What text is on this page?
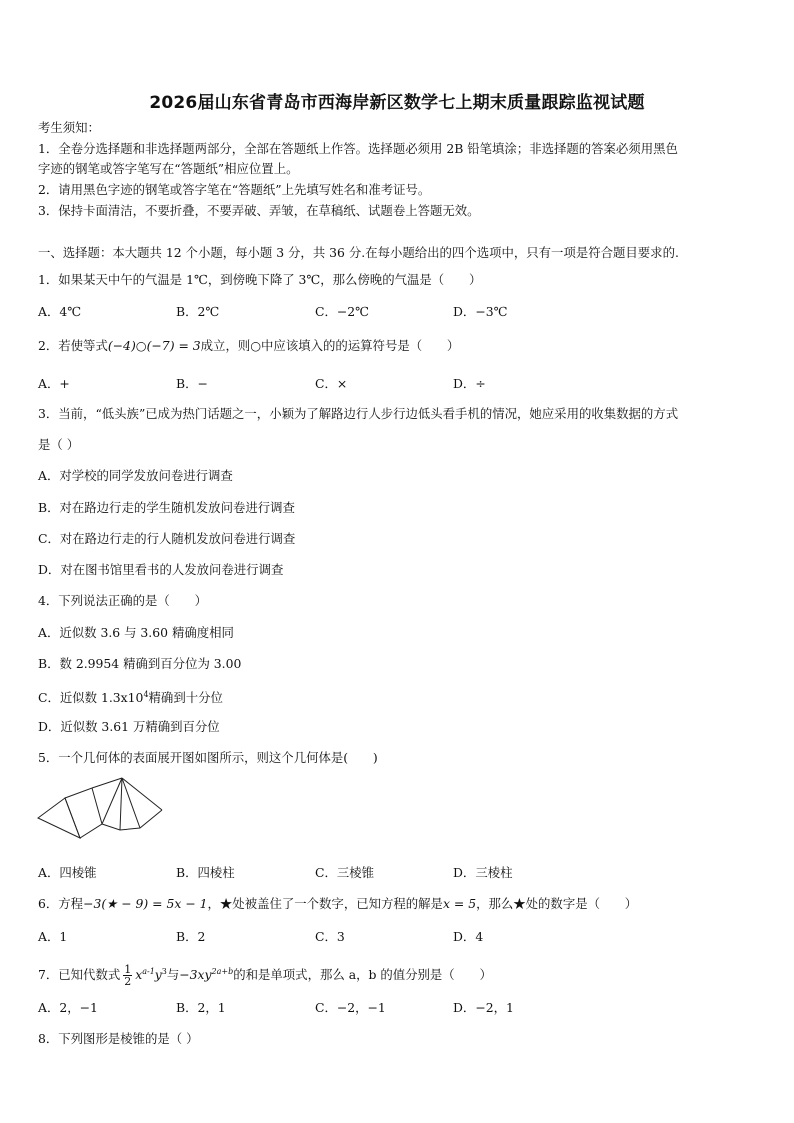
2026届山东省青岛市西海岸新区数学七上期末质量跟踪监视试题
考生须知：
1．全卷分选择题和非选择题两部分，全部在答题纸上作答。选择题必须用 2B 铅笔填涂；非选择题的答案必须用黑色
字迹的钢笔或答字笔写在“答题纸”相应位置上。
2．请用黑色字迹的钢笔或答字笔在“答题纸”上先填写姓名和准考证号。
3．保持卡面清洁，不要折叠，不要弄破、弄皱，在草稿纸、试题卷上答题无效。
一、选择题：本大题共 12 个小题，每小题 3 分，共 36 分.在每小题给出的四个选项中，只有一项是符合题目要求的.
1．如果某天中午的气温是 1℃，到傍晚下降了 3℃，那么傍晚的气温是（　　）
A．4℃	B．2℃	C．−2℃	D．−3℃
2．若使等式(−4)○(−7) = 3成立，则○中应该填入的的运算符号是（　　）
A．+	B．−	C．×	D．÷
3．当前，“低头族”已成为热门话题之一，小颖为了解路边行人步行边低头看手机的情况，她应采用的收集数据的方式
是（ ）
A．对学校的同学发放问卷进行调查
B．对在路边行走的学生随机发放问卷进行调查
C．对在路边行走的行人随机发放问卷进行调查
D．对在图书馆里看书的人发放问卷进行调查
4．下列说法正确的是（　　）
A．近似数 3.6 与 3.60 精确度相同
B．数 2.9954 精确到百分位为 3.00
C．近似数 $1.3x10^4$精确到十分位
D．近似数 3.61 万精确到百分位
5．一个几何体的表面展开图如图所示，则这个几何体是(　　)
A．四棱锥	B．四棱柱	C．三棱锥	D．三棱柱
6．方程−3(★ − 9) = 5x − 1，★处被盖住了一个数字，已知方程的解是x = 5，那么★处的数字是（　　）
A．1	B．2	C．3	D．4
7．已知代数式 $\frac{1}{2} x^{a-1}y^3$与$-3xy^{2a+b}$的和是单项式，那么 a，b 的值分别是（　　）
A．2，−1	B．2，1	C．−2，−1	D．−2，1
8．下列图形是棱锥的是（ ）
